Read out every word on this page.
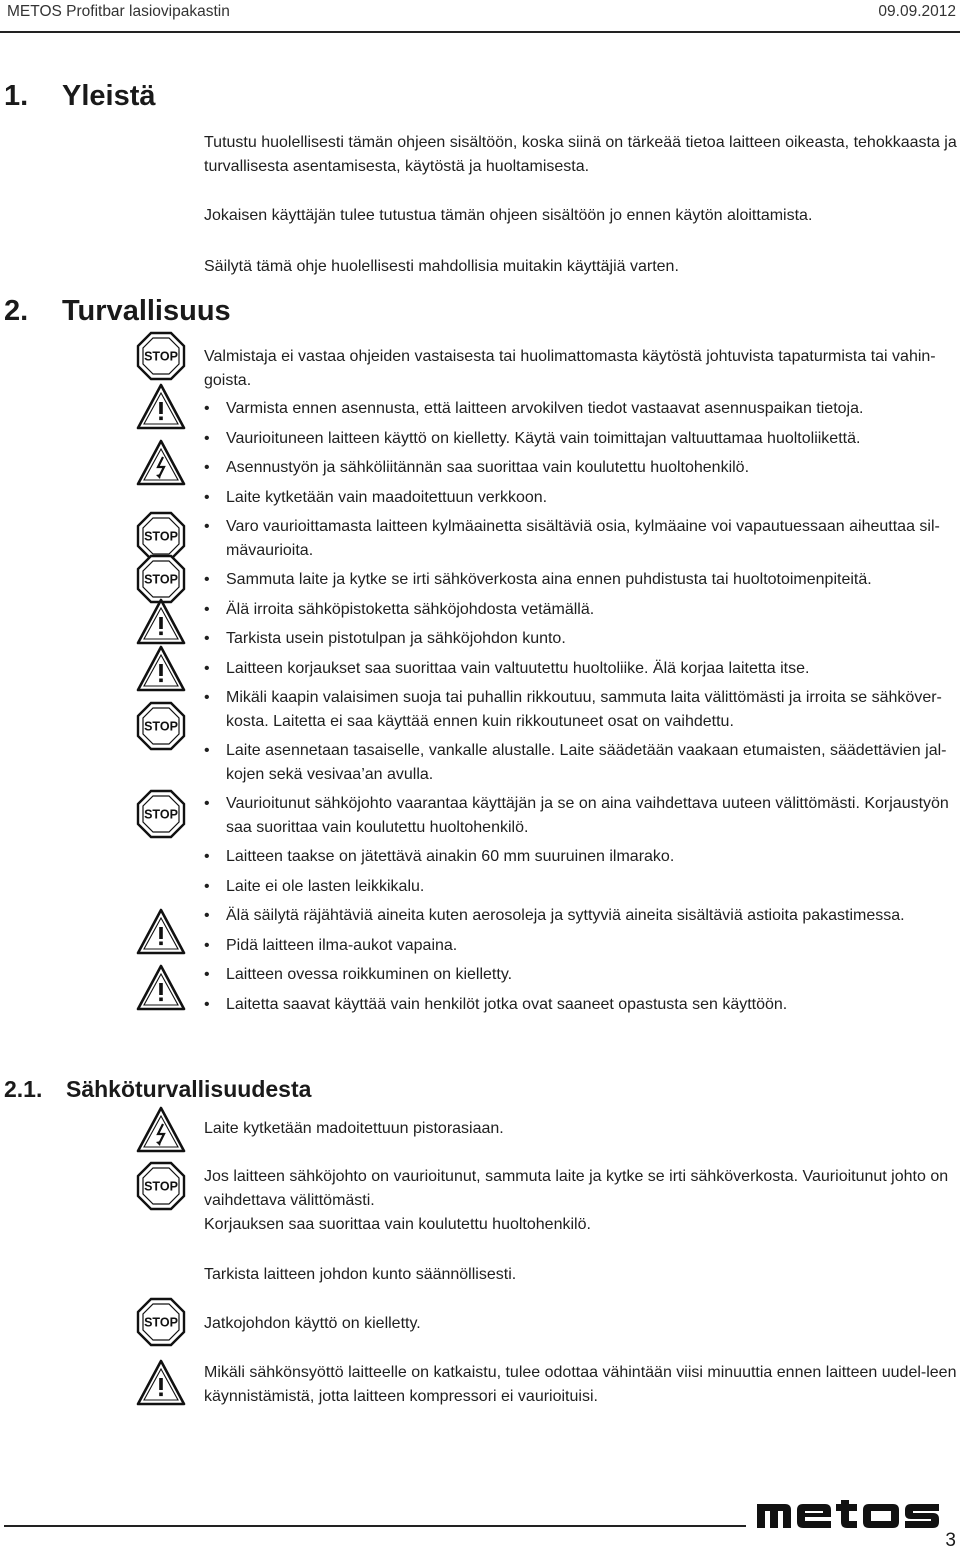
METOS Profitbar lasiovipakastin	09.09.2012
1. Yleistä
Tutustu huolellisesti tämän ohjeen sisältöön, koska siinä on tärkeää tietoa laitteen oikeasta, tehokkaasta ja turvallisesta asentamisesta, käytöstä ja huoltamisesta.
Jokaisen käyttäjän tulee tutustua tämän ohjeen sisältöön jo ennen käytön aloittamista.
Säilytä tämä ohje huolellisesti mahdollisia muitakin käyttäjiä varten.
2. Turvallisuus
Valmistaja ei vastaa ohjeiden vastaisesta tai huolimattomasta käytöstä johtuvista tapaturmista tai vahin-goista.
• Varmista ennen asennusta, että laitteen arvokilven tiedot vastaavat asennuspaikan tietoja.
• Vaurioituneen laitteen käyttö on kielletty. Käytä vain toimittajan valtuuttamaa huoltoliikettä.
• Asennustyön ja sähköliitännän saa suorittaa vain koulutettu huoltohenkilö.
• Laite kytketään vain maadoitettuun verkkoon.
• Varo vaurioittamasta laitteen kylmäainetta sisältäviä osia, kylmäaine voi vapautuessaan aiheuttaa sil-mävaurioita.
• Sammuta laite ja kytke se irti sähköverkosta aina ennen puhdistusta tai huoltotoimenpiteitä.
• Älä irroita sähköpistoketta sähköjohdosta vetämällä.
• Tarkista usein pistotulpan ja sähköjohdon kunto.
• Laitteen korjaukset saa suorittaa vain valtuutettu huoltoliike. Älä korjaa laitetta itse.
• Mikäli kaapin valaisimen suoja tai puhallin rikkoutuu, sammuta laita välittömästi ja irroita se sähköver-kosta. Laitetta ei saa käyttää ennen kuin rikkoutuneet osat on vaihdettu.
• Laite asennetaan tasaiselle, vankalle alustalle. Laite säädetään vaakaan etumaisten, säädettävien jal-kojen sekä vesivaa’an avulla.
• Vaurioitunut sähköjohto vaarantaa käyttäjän ja se on aina vaihdettava uuteen välittömästi. Korjaustyön saa suorittaa vain koulutettu huoltohenkilö.
• Laitteen taakse on jätettävä ainakin 60 mm suuruinen ilmarako.
• Laite ei ole lasten leikkikalu.
• Älä säilytä räjähtäviä aineita kuten aerosoleja ja syttyviä aineita sisältäviä astioita pakastimessa.
• Pidä laitteen ilma-aukot vapaina.
• Laitteen ovessa roikkuminen on kielletty.
• Laitetta saavat käyttää vain henkilöt jotka ovat saaneet opastusta sen käyttöön.
2.1. Sähköturvallisuudesta
Laite kytketään madoitettuun pistorasiaan.
Jos laitteen sähköjohto on vaurioitunut, sammuta laite ja kytke se irti sähköverkosta. Vaurioitunut johto on vaihdettava välittömästi.
Korjauksen saa suorittaa vain koulutettu huoltohenkilö.
Tarkista laitteen johdon kunto säännöllisesti.
Jatkojohdon käyttö on kielletty.
Mikäli sähkönsyöttö laitteelle on katkaistu, tulee odottaa vähintään viisi minuuttia ennen laitteen uudel-leen käynnistämistä, jotta laitteen kompressori ei vaurioituisi.
3
